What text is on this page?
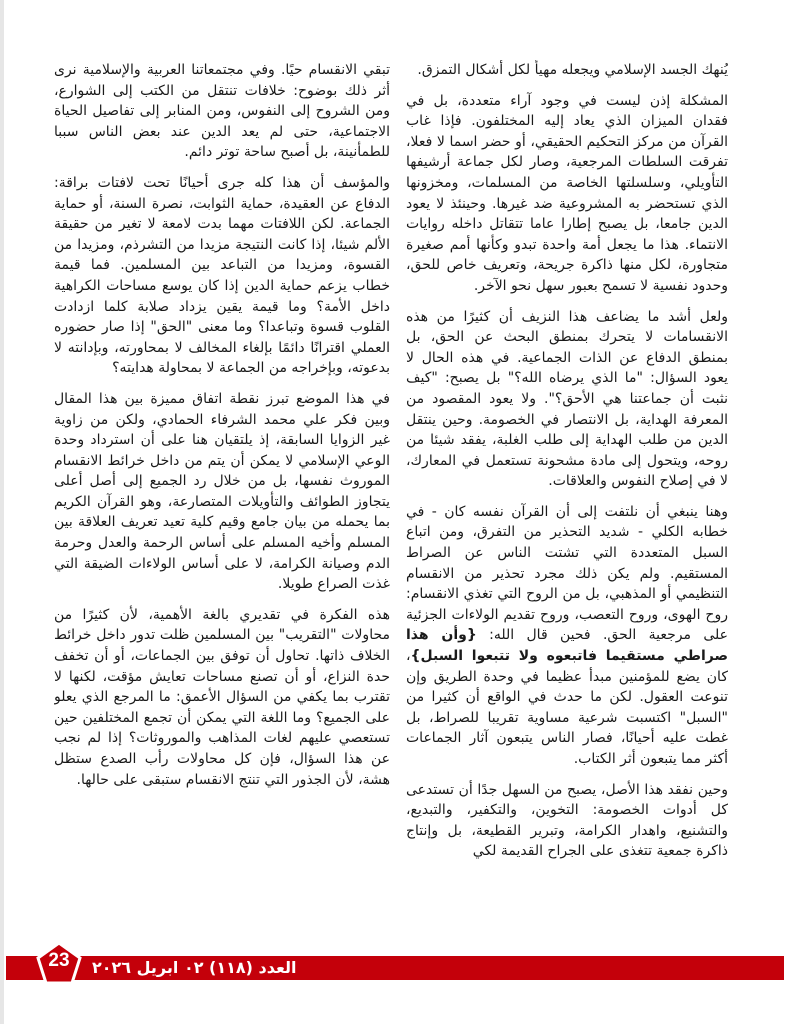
يُنهك الجسد الإسلامي ويجعله مهيأً لكل أشكال التمزق.

المشكلة إذن ليست في وجود آراء متعددة، بل في فقدان الميزان الذي يعاد إليه المختلفون. فإذا غاب القرآن من مركز التحكيم الحقيقي، أو حضر اسما لا فعلا، تفرقت السلطات المرجعية، وصار لكل جماعة أرشيفها التأويلي، وسلسلتها الخاصة من المسلمات، ومخزونها الذي تستحضر به المشروعية ضد غيرها. وحينئذ لا يعود الدين جامعا، بل يصبح إطارا عاما تتقاتل داخله روايات الانتماء. هذا ما يجعل أمة واحدة تبدو وكأنها أمم صغيرة متجاورة، لكل منها ذاكرة جريحة، وتعريف خاص للحق، وحدود نفسية لا تسمح بعبور سهل نحو الآخر.

ولعل أشد ما يضاعف هذا النزيف أن كثيرًا من هذه الانقسامات لا يتحرك بمنطق البحث عن الحق، بل بمنطق الدفاع عن الذات الجماعية. في هذه الحال لا يعود السؤال: "ما الذي يرضاه الله؟" بل يصبح: "كيف نثبت أن جماعتنا هي الأحق؟". ولا يعود المقصود من المعرفة الهداية، بل الانتصار في الخصومة. وحين ينتقل الدين من طلب الهداية إلى طلب الغلبة، يفقد شيئا من روحه، ويتحول إلى مادة مشحونة تستعمل في المعارك، لا في إصلاح النفوس والعلاقات.

وهنا ينبغي أن نلتفت إلى أن القرآن نفسه كان - في خطابه الكلي - شديد التحذير من التفرق، ومن اتباع السبل المتعددة التي تشتت الناس عن الصراط المستقيم. ولم يكن ذلك مجرد تحذير من الانقسام التنظيمي أو المذهبي، بل من الروح التي تغذي الانقسام: روح الهوى، وروح التعصب، وروح تقديم الولاءات الجزئية على مرجعية الحق. فحين قال الله: {وأن هذا صراطي مستقيما فاتبعوه ولا تتبعوا السبل}، كان يضع للمؤمنين مبدأ عظيما في وحدة الطريق وإن تنوعت العقول. لكن ما حدث في الواقع أن كثيرا من "السبل" اكتسبت شرعية مساوية تقريبا للصراط، بل غطت عليه أحيانًا، فصار الناس يتبعون آثار الجماعات أكثر مما يتبعون أثر الكتاب.

وحين نفقد هذا الأصل، يصبح من السهل جدًا أن تستدعى كل أدوات الخصومة: التخوين، والتكفير، والتبديع، والتشنيع، واهدار الكرامة، وتبرير القطيعة، بل وإنتاج ذاكرة جمعية تتغذى على الجراح القديمة لكي

تبقي الانقسام حيًا. وفي مجتمعاتنا العربية والإسلامية نرى أثر ذلك بوضوح: خلافات تنتقل من الكتب إلى الشوارع، ومن الشروح إلى النفوس، ومن المنابر إلى تفاصيل الحياة الاجتماعية، حتى لم يعد الدين عند بعض الناس سببا للطمأنينة، بل أصبح ساحة توتر دائم.

والمؤسف أن هذا كله جرى أحيانًا تحت لافتات براقة: الدفاع عن العقيدة، حماية الثوابت، نصرة السنة، أو حماية الجماعة. لكن اللافتات مهما بدت لامعة لا تغير من حقيقة الألم شيئا، إذا كانت النتيجة مزيدا من التشرذم، ومزيدا من القسوة، ومزيدا من التباعد بين المسلمين. فما قيمة خطاب يزعم حماية الدين إذا كان يوسع مساحات الكراهية داخل الأمة؟ وما قيمة يقين يزداد صلابة كلما ازدادت القلوب قسوة وتباعدا؟ وما معنى "الحق" إذا صار حضوره العملي اقترانًا دائمًا بإلغاء المخالف لا بمحاورته، وبإدانته لا بدعوته، وبإخراجه من الجماعة لا بمحاولة هدايته؟

في هذا الموضع تبرز نقطة اتفاق مميزة بين هذا المقال وبين فكر علي محمد الشرفاء الحمادي، ولكن من زاوية غير الزوايا السابقة، إذ يلتقيان هنا على أن استرداد وحدة الوعي الإسلامي لا يمكن أن يتم من داخل خرائط الانقسام الموروث نفسها، بل من خلال رد الجميع إلى أصل أعلى يتجاوز الطوائف والتأويلات المتصارعة، وهو القرآن الكريم بما يحمله من بيان جامع وقيم كلية تعيد تعريف العلاقة بين المسلم وأخيه المسلم على أساس الرحمة والعدل وحرمة الدم وصيانة الكرامة، لا على أساس الولاءات الضيقة التي غذت الصراع طويلا.

هذه الفكرة في تقديري بالغة الأهمية، لأن كثيرًا من محاولات "التقريب" بين المسلمين ظلت تدور داخل خرائط الخلاف ذاتها. تحاول أن توفق بين الجماعات، أو أن تخفف حدة النزاع، أو أن تصنع مساحات تعايش مؤقت، لكنها لا تقترب بما يكفي من السؤال الأعمق: ما المرجع الذي يعلو على الجميع؟ وما اللغة التي يمكن أن تجمع المختلفين حين تستعصي عليهم لغات المذاهب والموروثات؟ إذا لم نجب عن هذا السؤال، فإن كل محاولات رأب الصدع ستظل هشة، لأن الجذور التي تنتج الانقسام ستبقى على حالها.

العدد (١١٨) ٠٢ ابريل ٢٠٢٦
23
